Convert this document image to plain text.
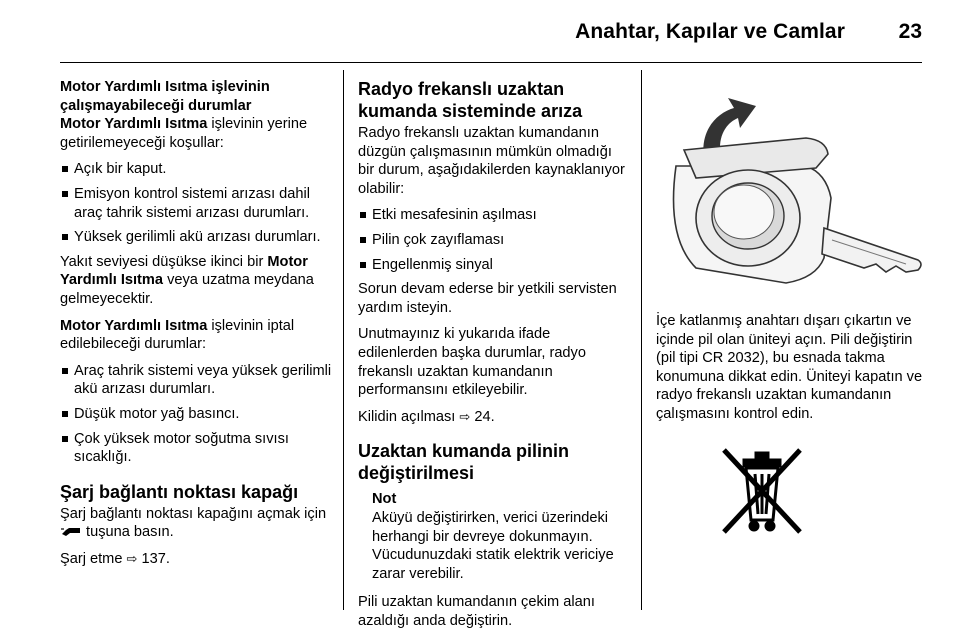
Anahtar, Kapılar ve Camlar	23

Motor Yardımlı Isıtma işlevinin

çalışmayabileceği durumlar

Motor Yardımlı Isıtma işlevinin yerine getirilemeyeceği koşullar:

Açık bir kaput.
Emisyon kontrol sistemi arızası dahil araç tahrik sistemi arızası durumları.
Yüksek gerilimli akü arızası durumları.

Yakıt seviyesi düşükse ikinci bir Motor Yardımlı Isıtma veya uzatma meydana gelmeyecektir.

Motor Yardımlı Isıtma işlevinin iptal edilebileceği durumlar:

Araç tahrik sistemi veya yüksek gerilimli akü arızası durumları.
Düşük motor yağ basıncı.
Çok yüksek motor soğutma sıvısı sıcaklığı.
Şarj bağlantı noktası kapağı

Şarj bağlantı noktası kapağını açmak için  tuşuna basın.

Şarj etme ⇨ 137.

Radyo frekanslı uzaktan
kumanda sisteminde arıza

Radyo frekanslı uzaktan kumandanın düzgün çalışmasının mümkün olmadığı bir durum, aşağıdakilerden kaynaklanıyor olabilir:

Etki mesafesinin aşılması
Pilin çok zayıflaması
Engellenmiş sinyal

Sorun devam ederse bir yetkili servisten yardım isteyin.

Unutmayınız ki yukarıda ifade edilenlerden başka durumlar, radyo frekanslı uzaktan kumandanın performansını etkileyebilir.

Kilidin açılması ⇨ 24.

Uzaktan kumanda pilinin
değiştirilmesi

Not

Aküyü değiştirirken, verici üzerindeki herhangi bir devreye dokunmayın. Vücudunuzdaki statik elektrik vericiye zarar verebilir.

Pili uzaktan kumandanın çekim alanı azaldığı anda değiştirin.

İçe katlanmış anahtarı dışarı çıkartın ve içinde pil olan üniteyi açın. Pili değiştirin (pil tipi CR 2032), bu esnada takma konumuna dikkat edin. Üniteyi kapatın ve radyo frekanslı uzaktan kumandanın çalışmasını kontrol edin.
